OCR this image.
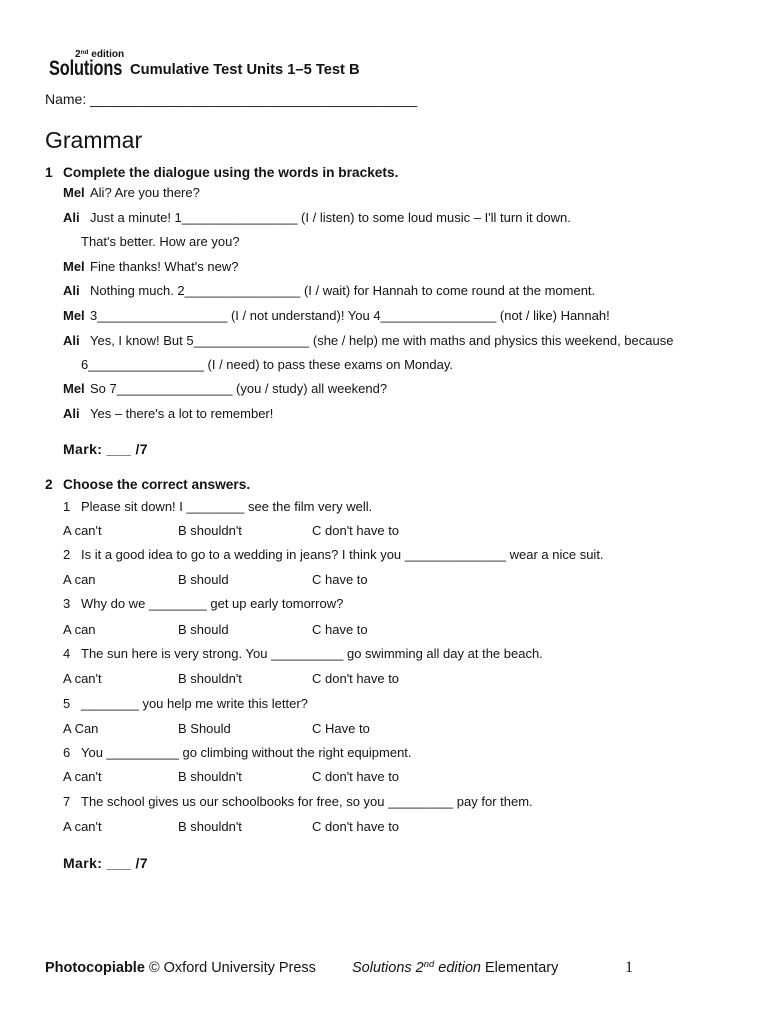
2nd edition
Solutions Cumulative Test Units 1–5 Test B
Name: __________________________________________
Grammar
1 Complete the dialogue using the words in brackets.
Mel Ali? Are you there?
Ali Just a minute! 1________________ (I / listen) to some loud music – I'll turn it down.
That's better. How are you?
Mel Fine thanks! What's new?
Ali Nothing much. 2________________ (I / wait) for Hannah to come round at the moment.
Mel 3__________________ (I / not understand)! You 4________________ (not / like) Hannah!
Ali Yes, I know! But 5________________ (she / help) me with maths and physics this weekend, because
6________________ (I / need) to pass these exams on Monday.
Mel So 7________________ (you / study) all weekend?
Ali Yes – there's a lot to remember!
Mark: ___ /7
2 Choose the correct answers.
1 Please sit down! I ________ see the film very well.
A can't	B shouldn't	C don't have to
2 Is it a good idea to go to a wedding in jeans? I think you ______________ wear a nice suit.
A can	B should	C have to
3 Why do we ________ get up early tomorrow?
A can	B should	C have to
4 The sun here is very strong. You __________ go swimming all day at the beach.
A can't	B shouldn't	C don't have to
5 ________ you help me write this letter?
A Can	B Should	C Have to
6 You __________ go climbing without the right equipment.
A can't	B shouldn't	C don't have to
7 The school gives us our schoolbooks for free, so you _________ pay for them.
A can't	B shouldn't	C don't have to
Mark: ___ /7
Photocopiable © Oxford University Press Solutions 2nd edition Elementary	1
